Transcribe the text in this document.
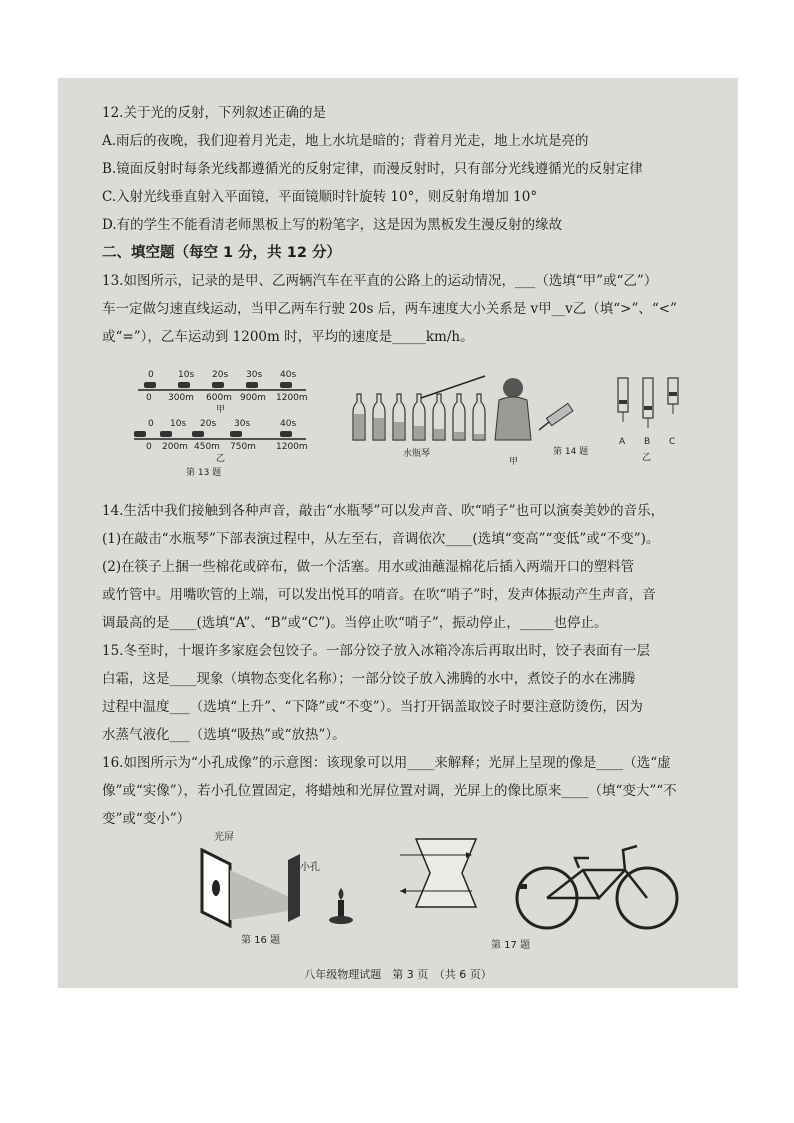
12.关于光的反射，下列叙述正确的是
A.雨后的夜晚，我们迎着月光走，地上水坑是暗的；背着月光走，地上水坑是亮的
B.镜面反射时每条光线都遵循光的反射定律，而漫反射时，只有部分光线遵循光的反射定律
C.入射光线垂直射入平面镜，平面镜顺时针旋转 10°，则反射角增加 10°
D.有的学生不能看清老师黑板上写的粉笔字，这是因为黑板发生漫反射的缘故
二、填空题（每空 1 分，共 12 分）
13.如图所示，记录的是甲、乙两辆汽车在平直的公路上的运动情况，___（选填“甲”或“乙”）
车一定做匀速直线运动，当甲乙两车行驶 20s 后，两车速度大小关系是 v甲__v乙（填“>”、“<”
或“=”），乙车运动到 1200m 时，平均的速度是_____km/h。
0	10s 20s 30s 40s
0 300m 600m 900m 1200m
甲
0 10s 20s 30s	40s
0 200m 450m 750m 1200m
乙
第 13 题
水瓶琴
甲
第 14 题
A B C
乙
14.生活中我们接触到各种声音，敲击“水瓶琴”可以发声音、吹“哨子”也可以演奏美妙的音乐，
(1)在敲击“水瓶琴”下部表演过程中，从左至右，音调依次____(选填“变高”“变低”或“不变”)。
(2)在筷子上捆一些棉花或碎布，做一个活塞。用水或油蘸湿棉花后插入两端开口的塑料管
或竹管中。用嘴吹管的上端，可以发出悦耳的哨音。在吹“哨子”时，发声体振动产生声音，音
调最高的是____(选填“A”、“B”或“C”)。当停止吹“哨子”，振动停止，_____也停止。
15.冬至时，十堰许多家庭会包饺子。一部分饺子放入冰箱冷冻后再取出时，饺子表面有一层
白霜，这是____现象（填物态变化名称）；一部分饺子放入沸腾的水中，煮饺子的水在沸腾
过程中温度___（选填“上升”、“下降”或“不变”）。当打开锅盖取饺子时要注意防烫伤，因为
水蒸气液化___（选填“吸热”或“放热”）。
16.如图所示为“小孔成像”的示意图：该现象可以用____来解释；光屏上呈现的像是____（选“虚
像”或“实像”），若小孔位置固定，将蜡烛和光屏位置对调，光屏上的像比原来____（填“变大”“不
变”或“变小”）
光屏
小孔
第 16 题	第 17 题
八年级物理试题　第 3 页　（共 6 页）
